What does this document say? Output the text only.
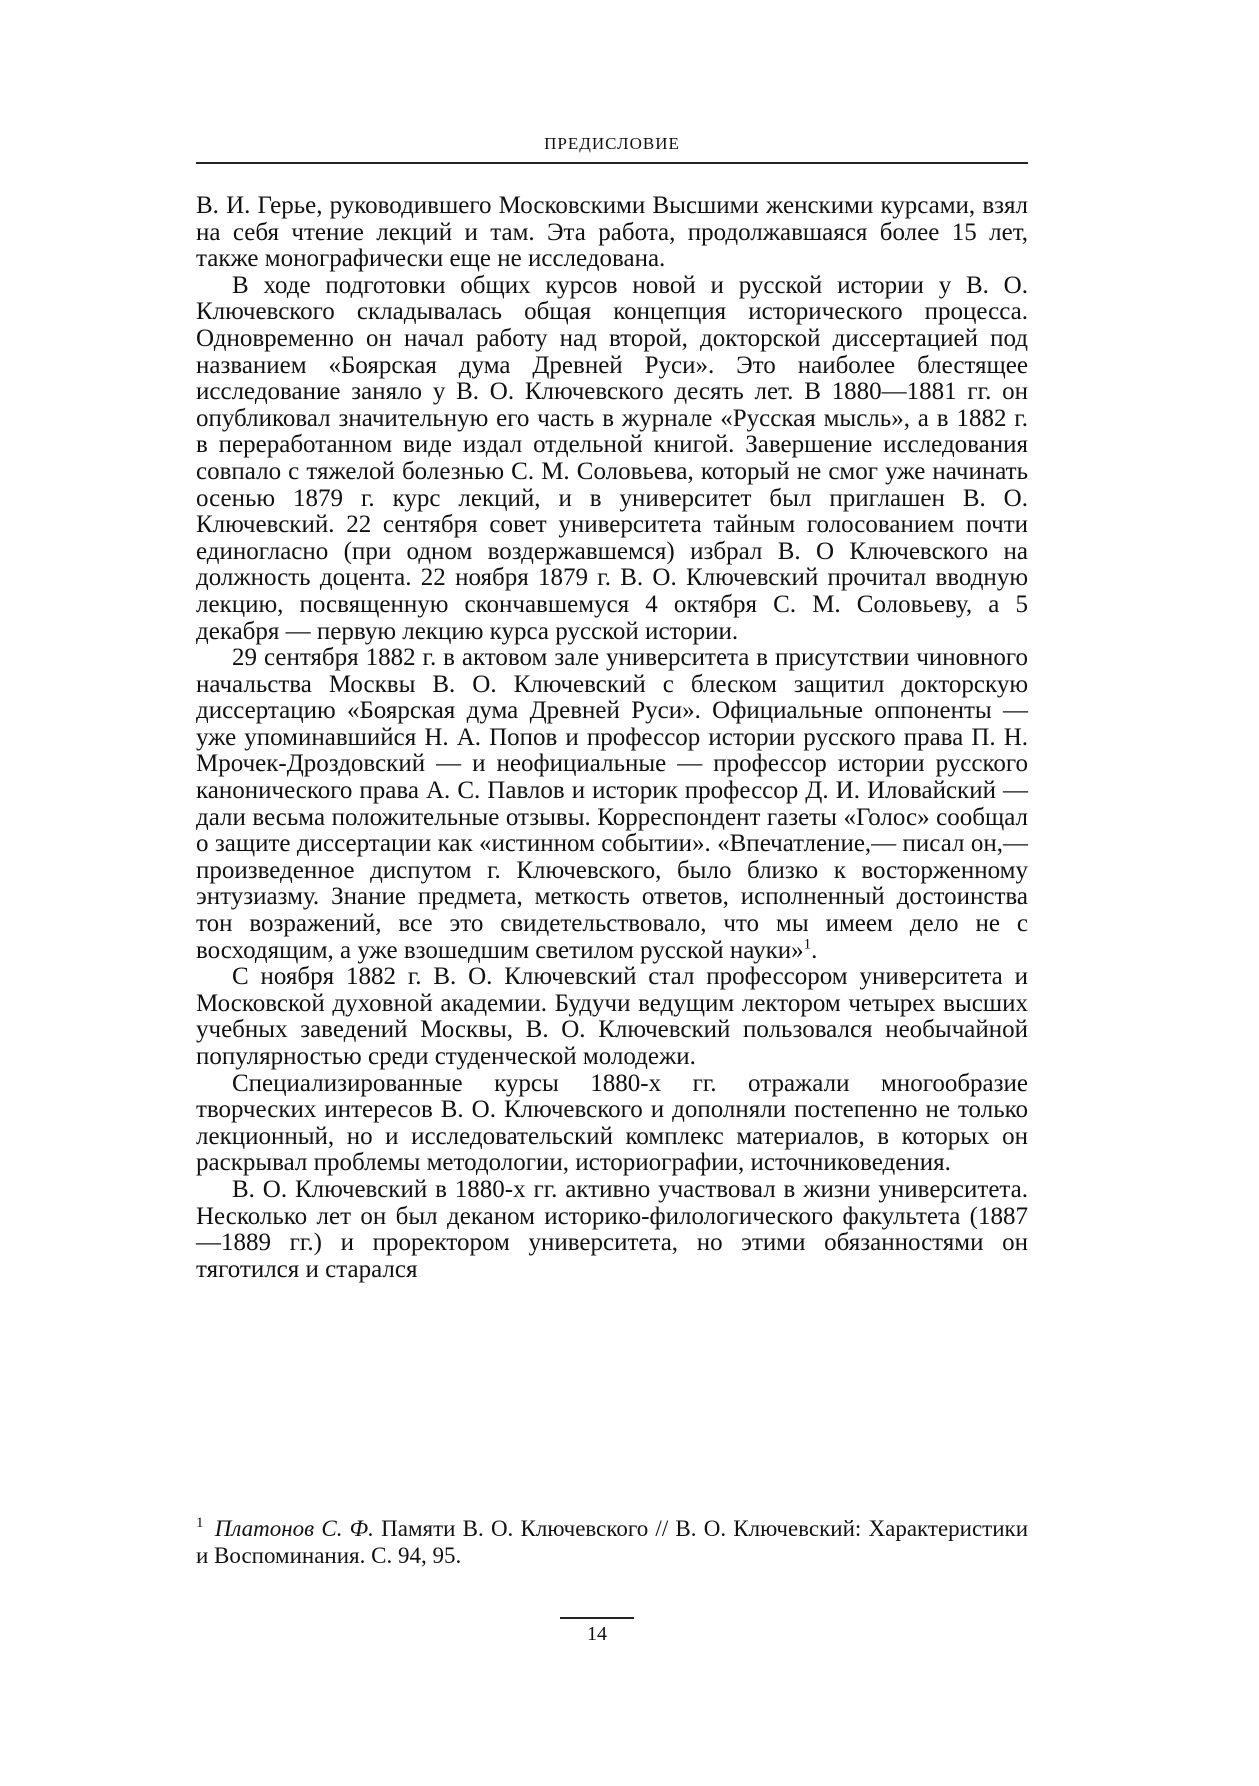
ПРЕДИСЛОВИЕ

В. И. Герье, руководившего Московскими Высшими женскими курсами, взял на себя чтение лекций и там. Эта работа, продолжавшаяся более 15 лет, также монографически еще не исследована.

В ходе подготовки общих курсов новой и русской истории у В. О. Ключевского складывалась общая концепция исторического процесса. Одновременно он начал работу над второй, докторской диссертацией под названием «Боярская дума Древней Руси». Это наиболее блестящее исследование заняло у В. О. Ключевского десять лет. В 1880—1881 гг. он опубликовал значительную его часть в журнале «Русская мысль», а в 1882 г. в переработанном виде издал отдельной книгой. Завершение исследования совпало с тяжелой болезнью С. М. Соловьева, который не смог уже начинать осенью 1879 г. курс лекций, и в университет был приглашен В. О. Ключевский. 22 сентября совет университета тайным голосованием почти единогласно (при одном воздержавшемся) избрал В. О Ключевского на должность доцента. 22 ноября 1879 г. В. О. Ключевский прочитал вводную лекцию, посвященную скончавшемуся 4 октября С. М. Соловьеву, а 5 декабря — первую лекцию курса русской истории.

29 сентября 1882 г. в актовом зале университета в присутствии чиновного начальства Москвы В. О. Ключевский с блеском защитил докторскую диссертацию «Боярская дума Древней Руси». Официальные оппоненты — уже упоминавшийся Н. А. Попов и профессор истории русского права П. Н. Мрочек-Дроздовский — и неофициальные — профессор истории русского канонического права А. С. Павлов и историк профессор Д. И. Иловайский — дали весьма положительные отзывы. Корреспондент газеты «Голос» сообщал о защите диссертации как «истинном событии». «Впечатление,— писал он,— произведенное диспутом г. Ключевского, было близко к восторженному энтузиазму. Знание предмета, меткость ответов, исполненный достоинства тон возражений, все это свидетельствовало, что мы имеем дело не с восходящим, а уже взошедшим светилом русской науки»$^1$.

С ноября 1882 г. В. О. Ключевский стал профессором университета и Московской духовной академии. Будучи ведущим лектором четырех высших учебных заведений Москвы, В. О. Ключевский пользовался необычайной популярностью среди студенческой молодежи.

Специализированные курсы 1880-х гг. отражали многообразие творческих интересов В. О. Ключевского и дополняли постепенно не только лекционный, но и исследовательский комплекс материалов, в которых он раскрывал проблемы методологии, историографии, источниковедения.

В. О. Ключевский в 1880-х гг. активно участвовал в жизни университета. Несколько лет он был деканом историко-филологического факультета (1887—1889 гг.) и проректором университета, но этими обязанностями он тяготился и старался

$^1$ Платонов С. Ф. Памяти В. О. Ключевского // В. О. Ключевский: Характеристики и Воспоминания. С. 94, 95.
14
